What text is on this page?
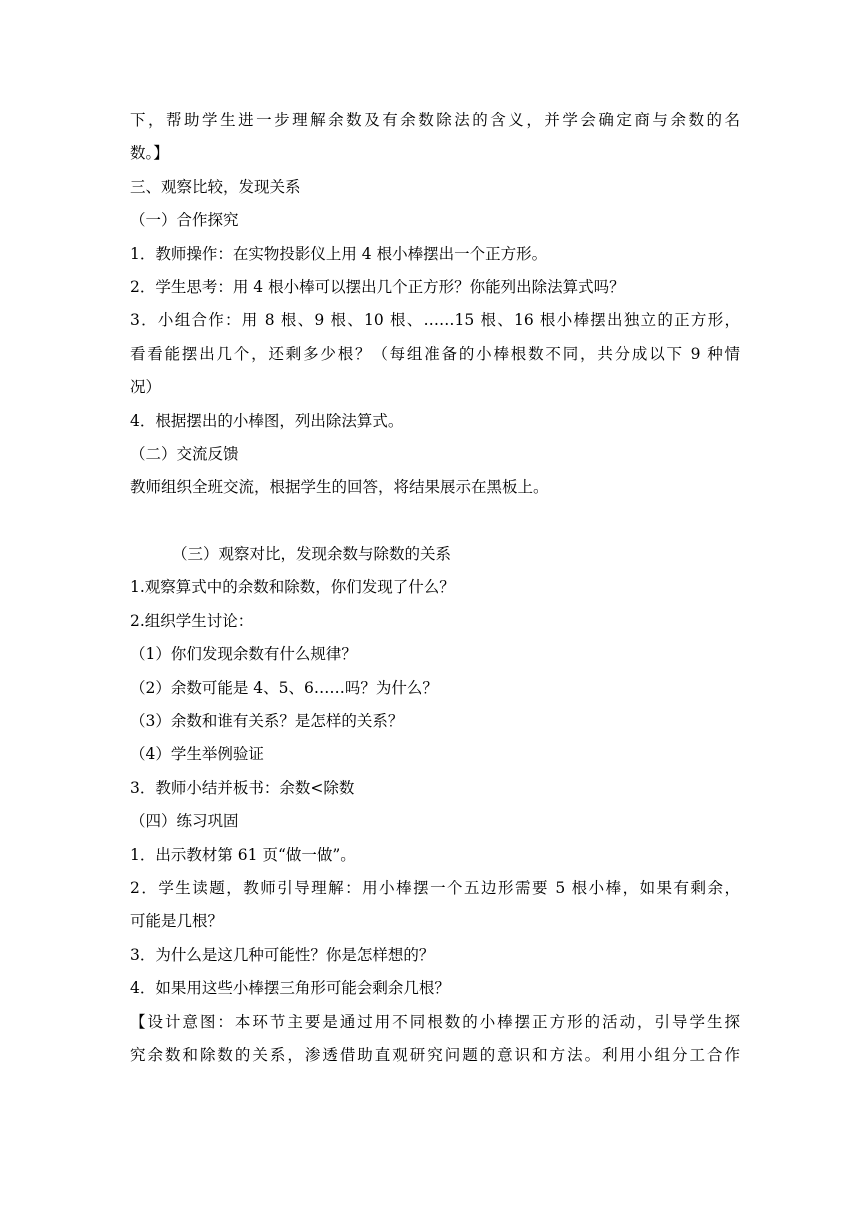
下，帮助学生进一步理解余数及有余数除法的含义，并学会确定商与余数的名
数。】
三、观察比较，发现关系
（一）合作探究
1．教师操作：在实物投影仪上用 4 根小棒摆出一个正方形。
2．学生思考：用 4 根小棒可以摆出几个正方形？你能列出除法算式吗？
3．小组合作：用 8 根、9 根、10 根、……15 根、16 根小棒摆出独立的正方形，
看看能摆出几个，还剩多少根？（每组准备的小棒根数不同，共分成以下 9 种情
况）
4．根据摆出的小棒图，列出除法算式。
（二）交流反馈
教师组织全班交流，根据学生的回答，将结果展示在黑板上。
（三）观察对比，发现余数与除数的关系
1.观察算式中的余数和除数，你们发现了什么？
2.组织学生讨论：
（1）你们发现余数有什么规律？
（2）余数可能是 4、5、6……吗？为什么？
（3）余数和谁有关系？是怎样的关系？
（4）学生举例验证
3．教师小结并板书：余数<除数
（四）练习巩固
1．出示教材第 61 页“做一做”。
2．学生读题，教师引导理解：用小棒摆一个五边形需要 5 根小棒，如果有剩余，
可能是几根？
3．为什么是这几种可能性？你是怎样想的？
4．如果用这些小棒摆三角形可能会剩余几根？
【设计意图：本环节主要是通过用不同根数的小棒摆正方形的活动，引导学生探
究余数和除数的关系，渗透借助直观研究问题的意识和方法。利用小组分工合作
